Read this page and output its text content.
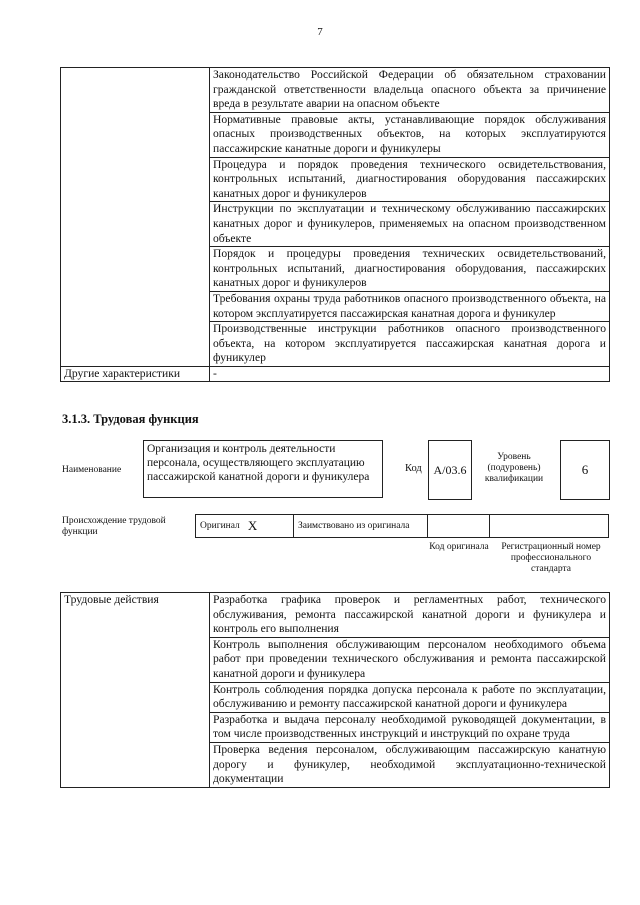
7
	Законодательство Российской Федерации об обязательном страховании гражданской ответственности владельца опасного объекта за причинение вреда в результате аварии на опасном объекте
	Нормативные правовые акты, устанавливающие порядок обслуживания опасных производственных объектов, на которых эксплуатируются пассажирские канатные дороги и фуникулеры
	Процедура и порядок проведения технического освидетельствования, контрольных испытаний, диагностирования оборудования пассажирских канатных дорог и фуникулеров
	Инструкции по эксплуатации и техническому обслуживанию пассажирских канатных дорог и фуникулеров, применяемых на опасном производственном объекте
	Порядок и процедуры проведения технических освидетельствований, контрольных испытаний, диагностирования оборудования, пассажирских канатных дорог и фуникулеров
	Требования охраны труда работников опасного производственного объекта, на котором эксплуатируется пассажирская канатная дорога и фуникулер
	Производственные инструкции работников опасного производственного объекта, на котором эксплуатируется пассажирская канатная дорога и фуникулер
Другие характеристики	-
3.1.3. Трудовая функция
Наименование
Организация и контроль деятельности персонала, осуществляющего эксплуатацию пассажирской канатной дороги и фуникулера
Код A/03.6
Уровень (подуровень) квалификации
6
Происхождение трудовой функции
Оригинал X	Заимствовано из оригинала
Код оригинала	Регистрационный номер профессионального стандарта
Трудовые действия	Разработка графика проверок и регламентных работ, технического обслуживания, ремонта пассажирской канатной дороги и фуникулера и контроль его выполнения
Контроль выполнения обслуживающим персоналом необходимого объема работ при проведении технического обслуживания и ремонта пассажирской канатной дороги и фуникулера
Контроль соблюдения порядка допуска персонала к работе по эксплуатации, обслуживанию и ремонту пассажирской канатной дороги и фуникулера
Разработка и выдача персоналу необходимой руководящей документации, в том числе производственных инструкций и инструкций по охране труда
Проверка ведения персоналом, обслуживающим пассажирскую канатную дорогу и фуникулер, необходимой эксплуатационно-технической документации
